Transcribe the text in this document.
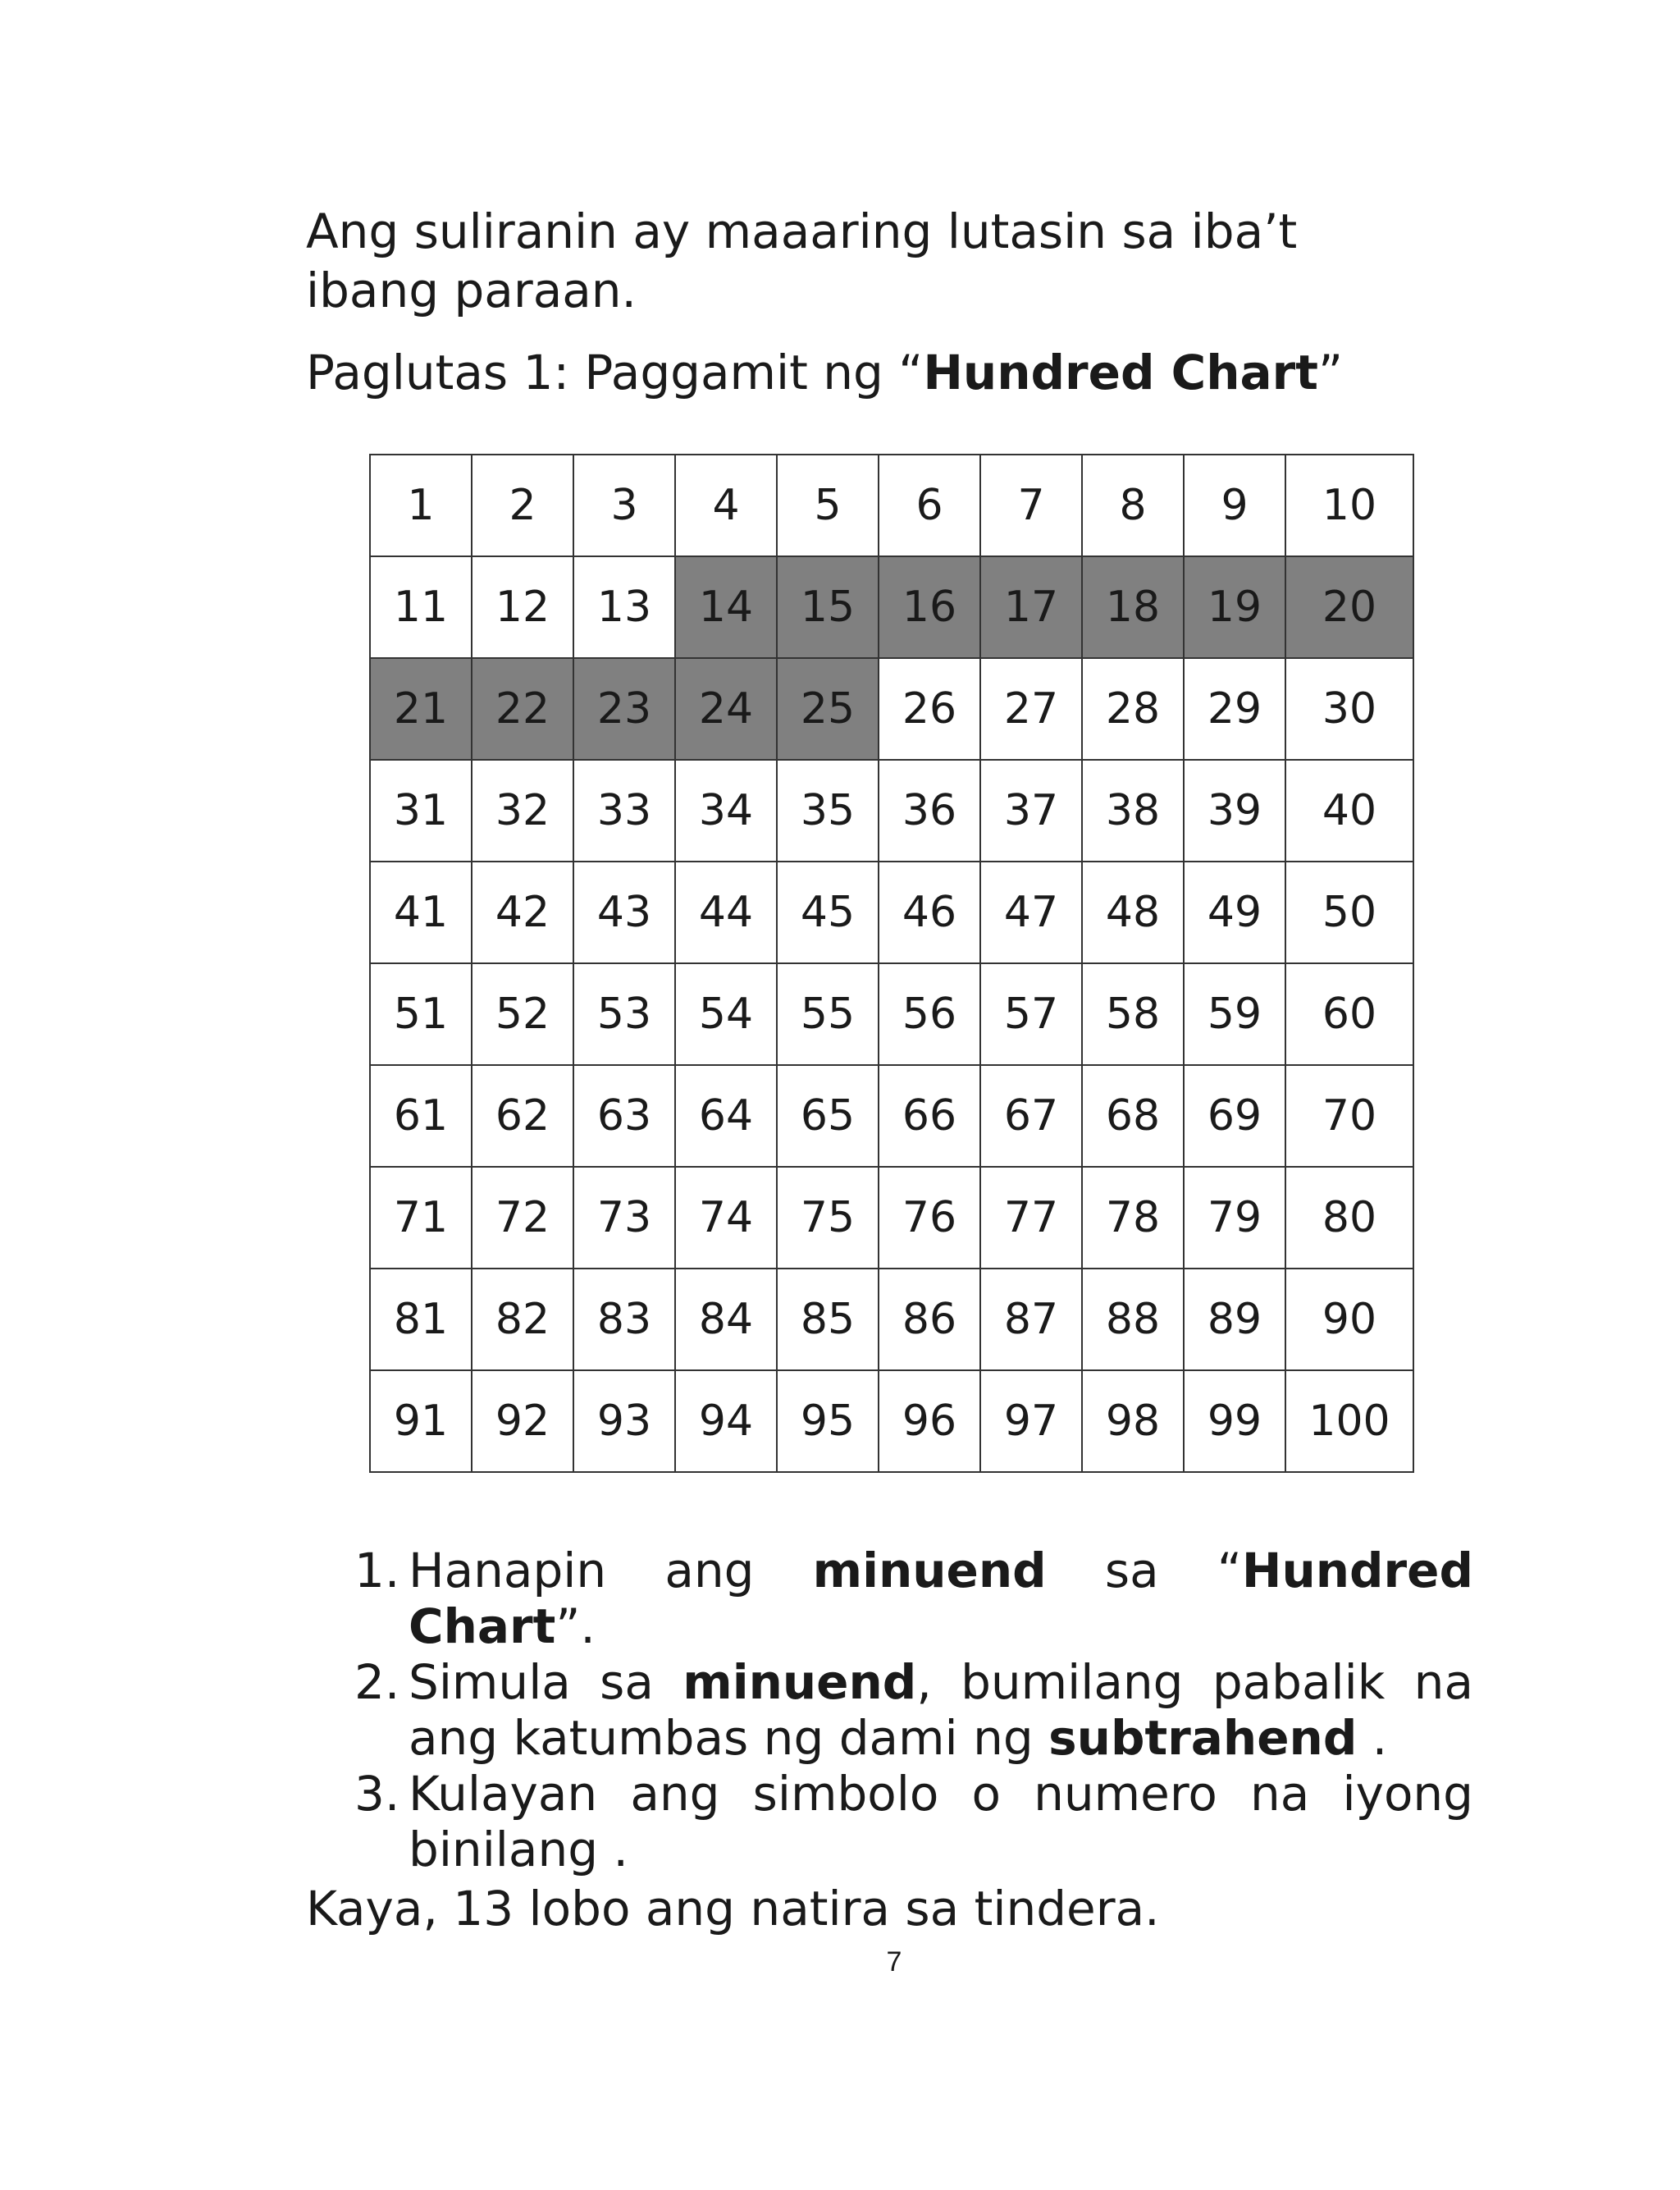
Ang suliranin ay maaaring lutasin sa iba’t ibang paraan.

Paglutas 1: Paggamit ng “Hundred Chart”

1	2	3	4	5	6	7	8	9	10
11	12	13	14	15	16	17	18	19	20
21	22	23	24	25	26	27	28	29	30
31	32	33	34	35	36	37	38	39	40
41	42	43	44	45	46	47	48	49	50
51	52	53	54	55	56	57	58	59	60
61	62	63	64	65	66	67	68	69	70
71	72	73	74	75	76	77	78	79	80
81	82	83	84	85	86	87	88	89	90
91	92	93	94	95	96	97	98	99	100
1. Hanapin ang minuend sa “Hundred Chart”.
2. Simula sa minuend, bumilang pabalik na ang katumbas ng dami ng subtrahend .
3. Kulayan ang simbolo o numero na iyong binilang .

Kaya, 13 lobo ang natira sa tindera.

7
